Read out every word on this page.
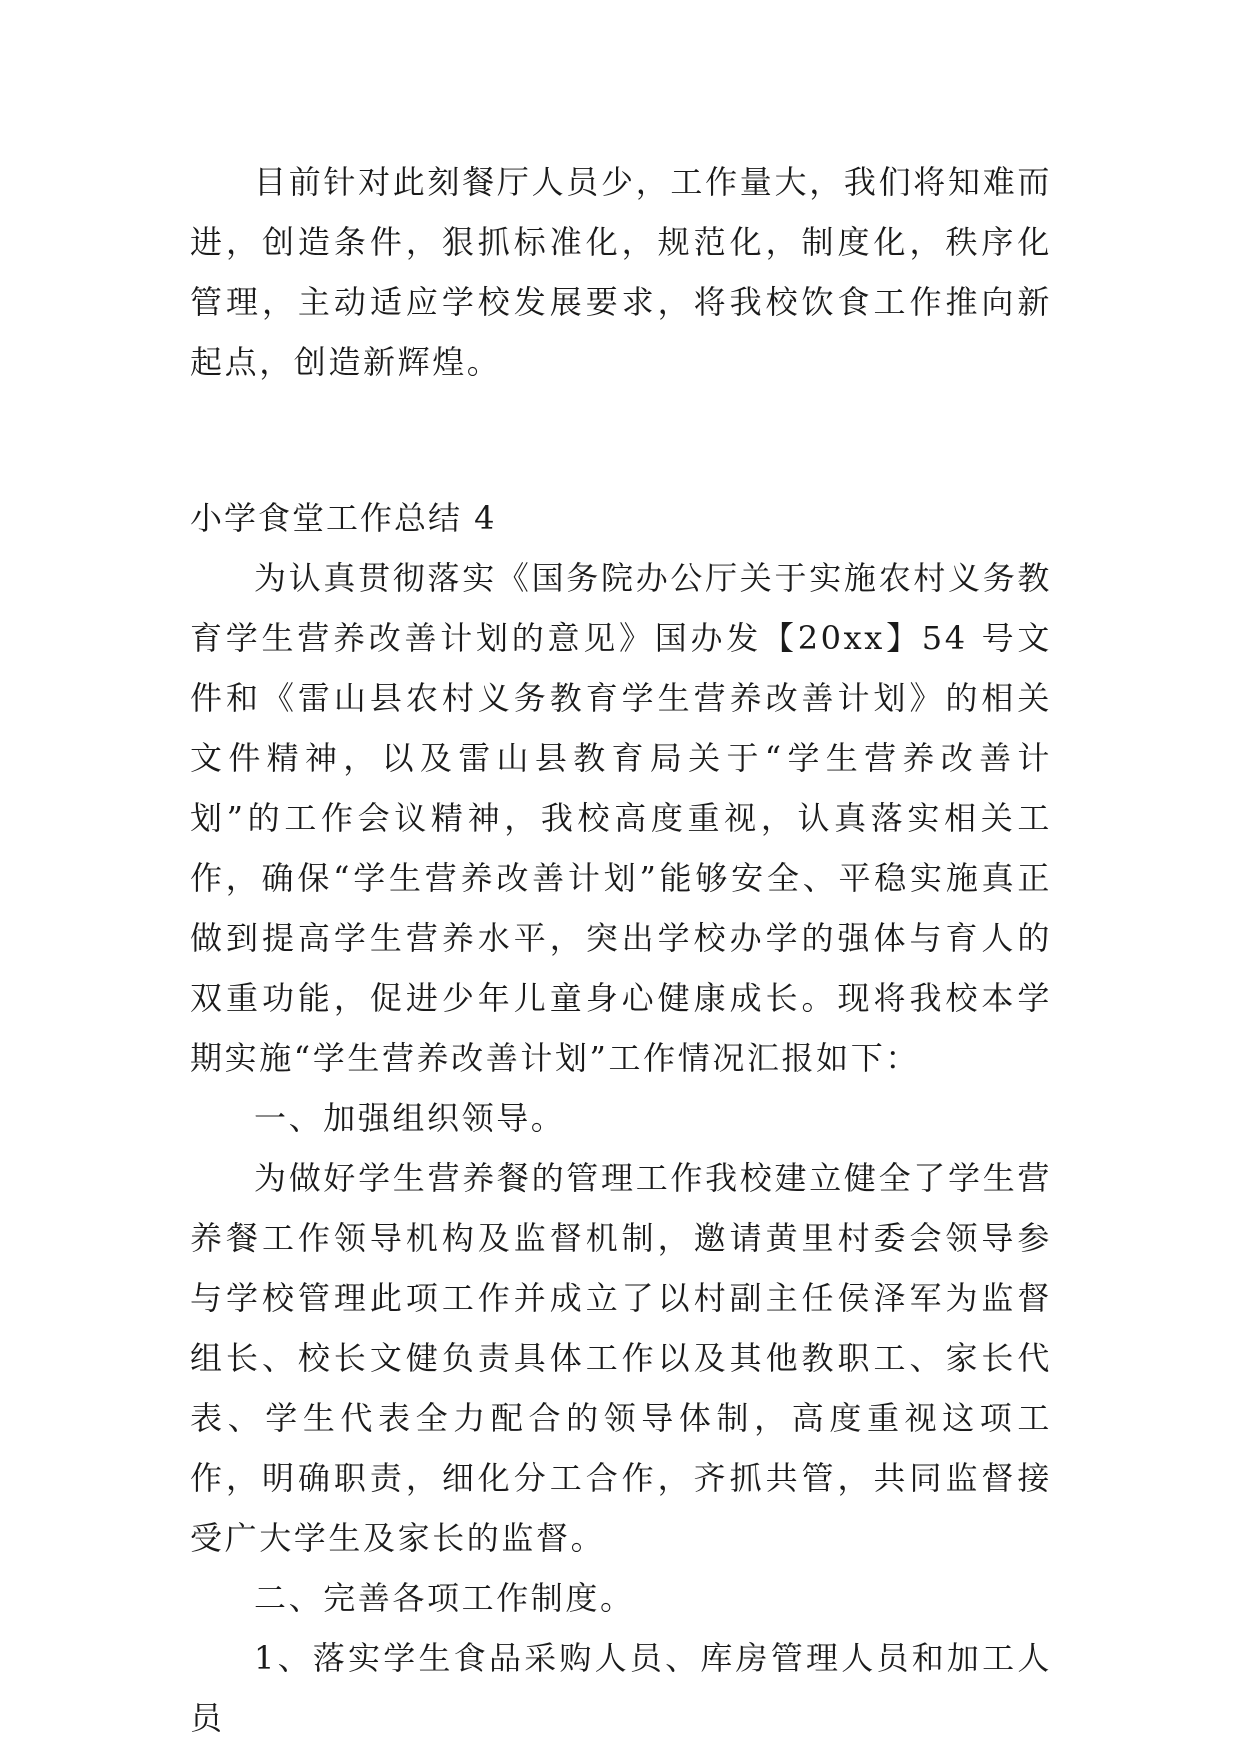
目前针对此刻餐厅人员少，工作量大，我们将知难而进，创造条件，狠抓标准化，规范化，制度化，秩序化管理，主动适应学校发展要求，将我校饮食工作推向新起点，创造新辉煌。

小学食堂工作总结 4

为认真贯彻落实《国务院办公厅关于实施农村义务教育学生营养改善计划的意见》国办发【20xx】54 号文件和《雷山县农村义务教育学生营养改善计划》的相关文件精神，以及雷山县教育局关于“学生营养改善计划”的工作会议精神，我校高度重视，认真落实相关工作，确保“学生营养改善计划”能够安全、平稳实施真正做到提高学生营养水平，突出学校办学的强体与育人的双重功能，促进少年儿童身心健康成长。现将我校本学期实施“学生营养改善计划”工作情况汇报如下：

一、加强组织领导。

为做好学生营养餐的管理工作我校建立健全了学生营养餐工作领导机构及监督机制，邀请黄里村委会领导参与学校管理此项工作并成立了以村副主任侯泽军为监督组长、校长文健负责具体工作以及其他教职工、家长代表、学生代表全力配合的领导体制，高度重视这项工作，明确职责，细化分工合作，齐抓共管，共同监督接受广大学生及家长的监督。

二、完善各项工作制度。

1、落实学生食品采购人员、库房管理人员和加工人员
